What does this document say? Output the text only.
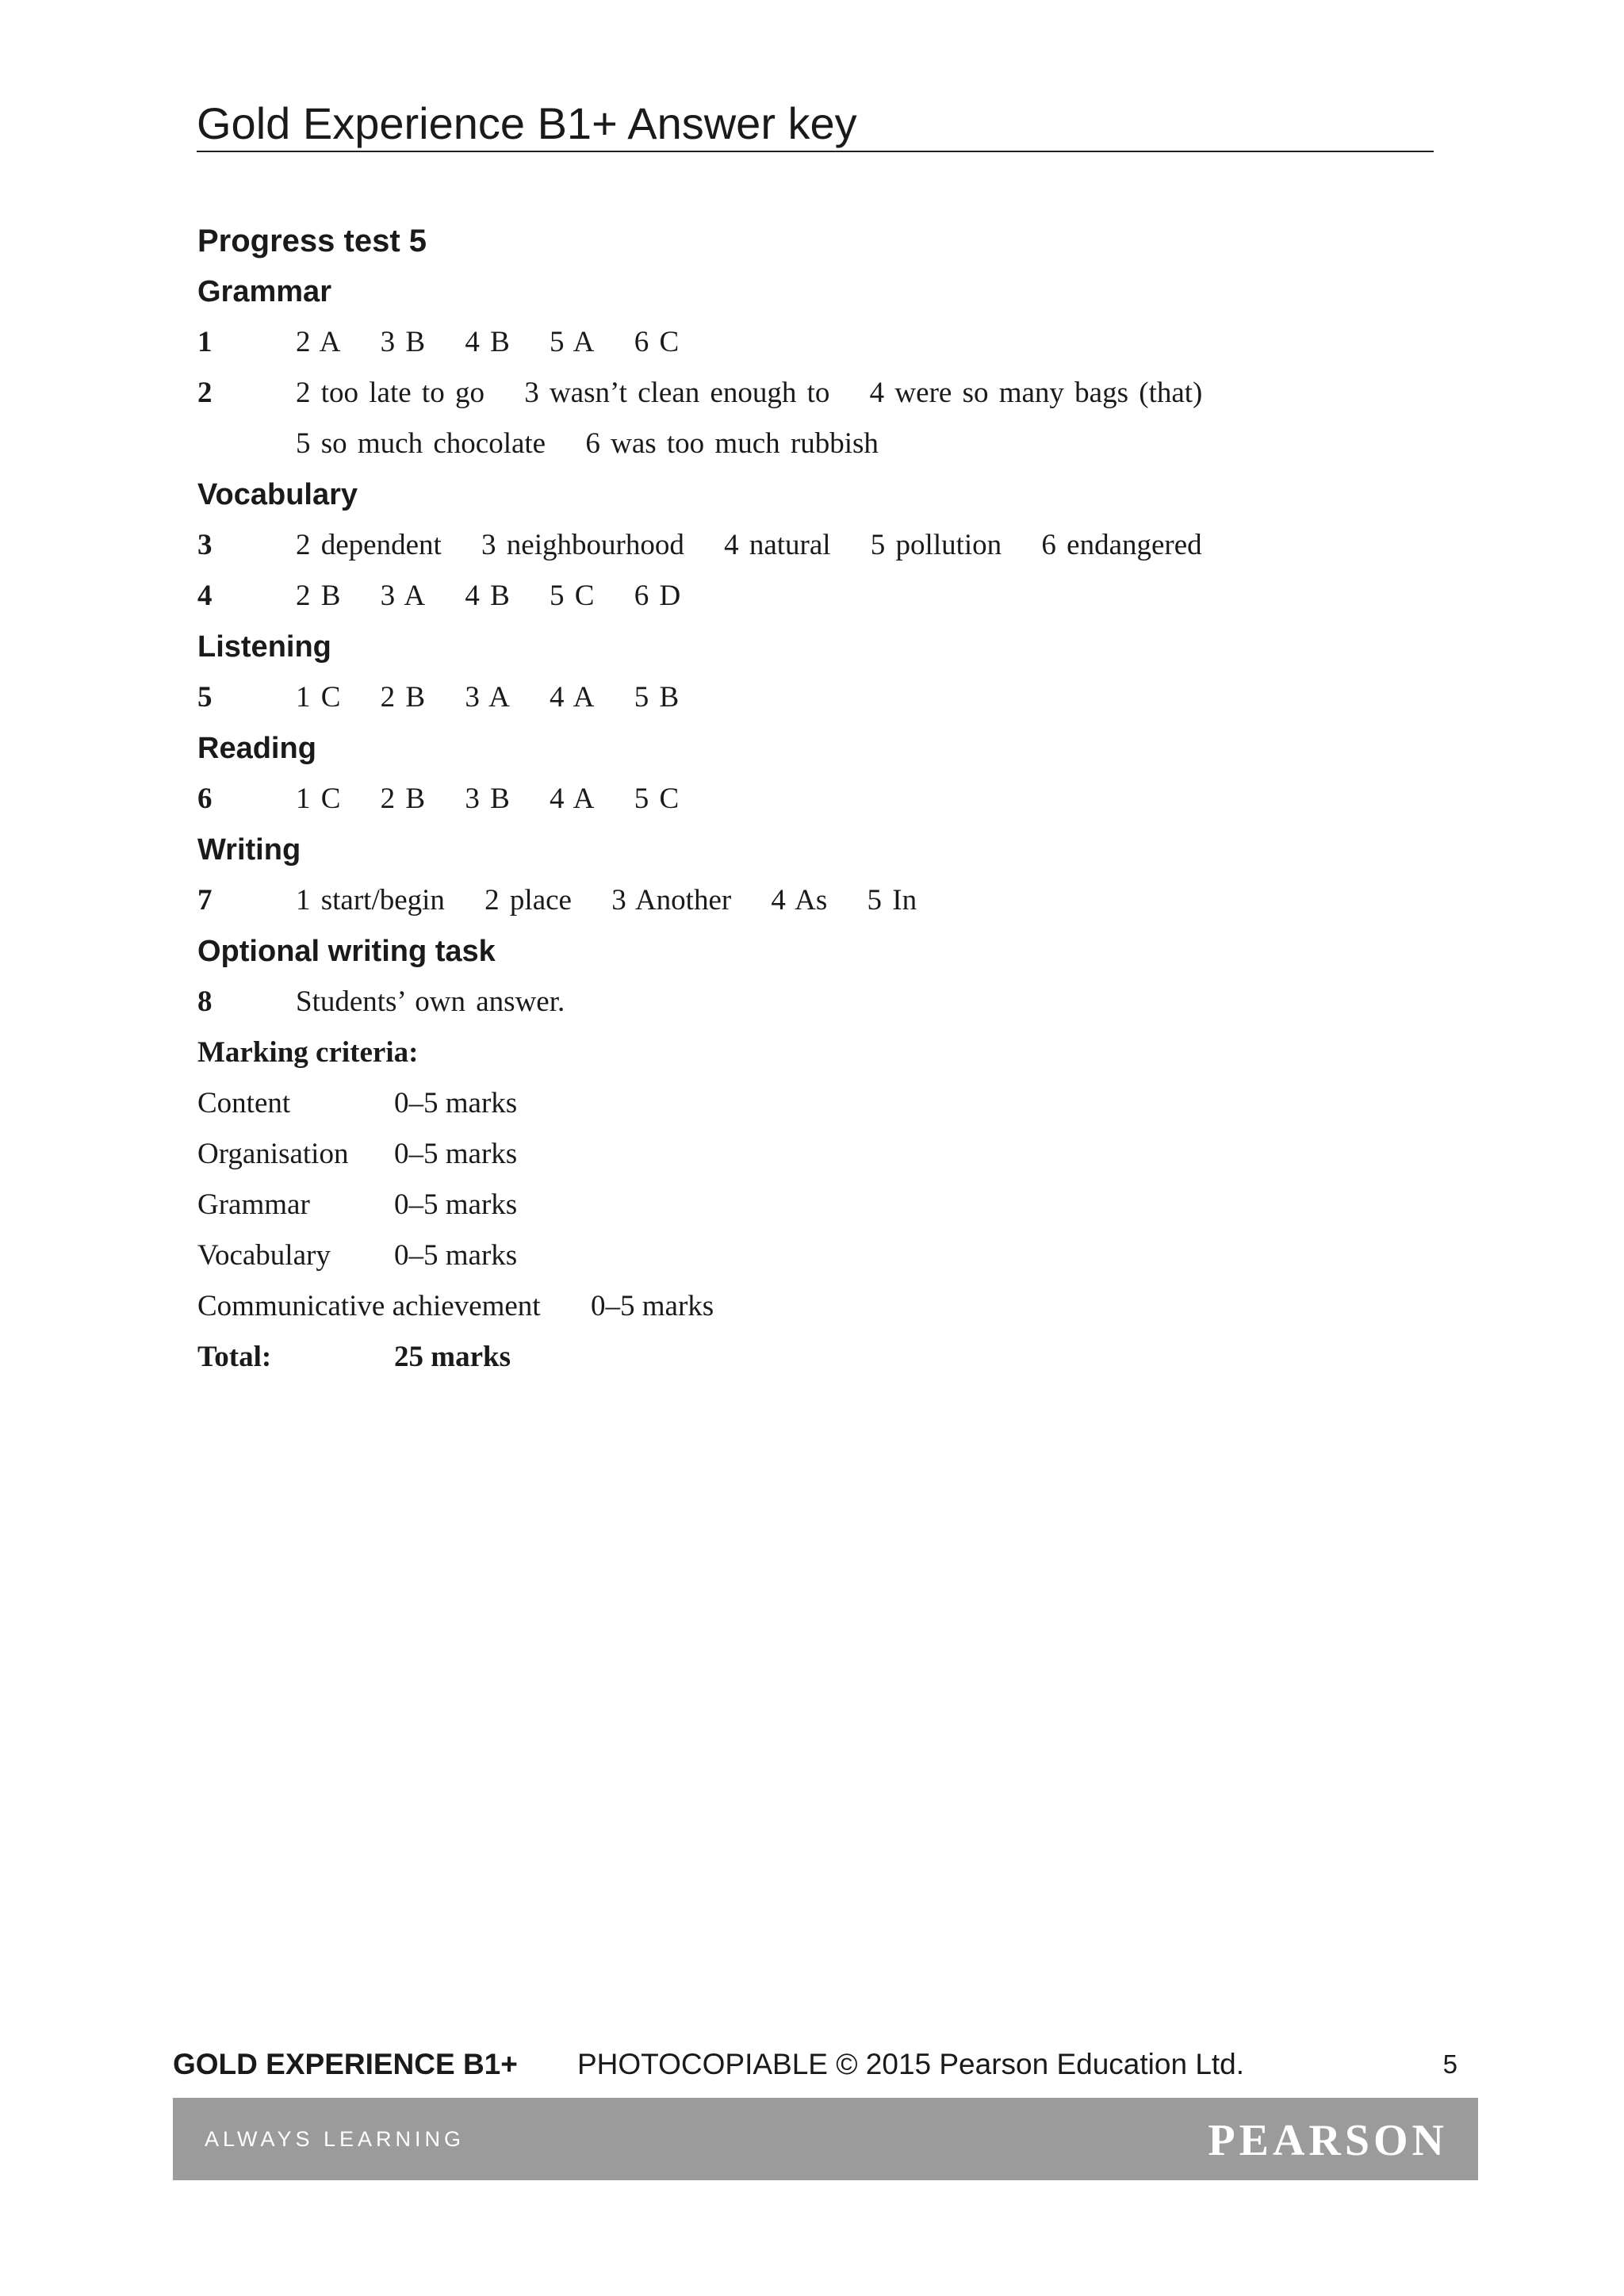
Gold Experience B1+ Answer key
Progress test 5
Grammar
1	2 A  3 B  4 B  5 A  6 C
2	2 too late to go  3 wasn’t clean enough to  4 were so many bags (that)
5 so much chocolate  6 was too much rubbish
Vocabulary
3	2 dependent  3 neighbourhood  4 natural  5 pollution  6 endangered
4	2 B  3 A  4 B  5 C  6 D
Listening
5	1 C  2 B  3 A  4 A  5 B
Reading
6	1 C  2 B  3 B  4 A  5 C
Writing
7	1 start/begin  2 place  3 Another  4 As  5 In
Optional writing task
8	Students’ own answer.
Marking criteria:
Content	0–5 marks
Organisation 0–5 marks
Grammar	0–5 marks
Vocabulary 0–5 marks
Communicative achievement 0–5 marks
Total:	25 marks
GOLD EXPERIENCE B1+ PHOTOCOPIABLE © 2015 Pearson Education Ltd.	5
ALWAYS LEARNING	PEARSON
